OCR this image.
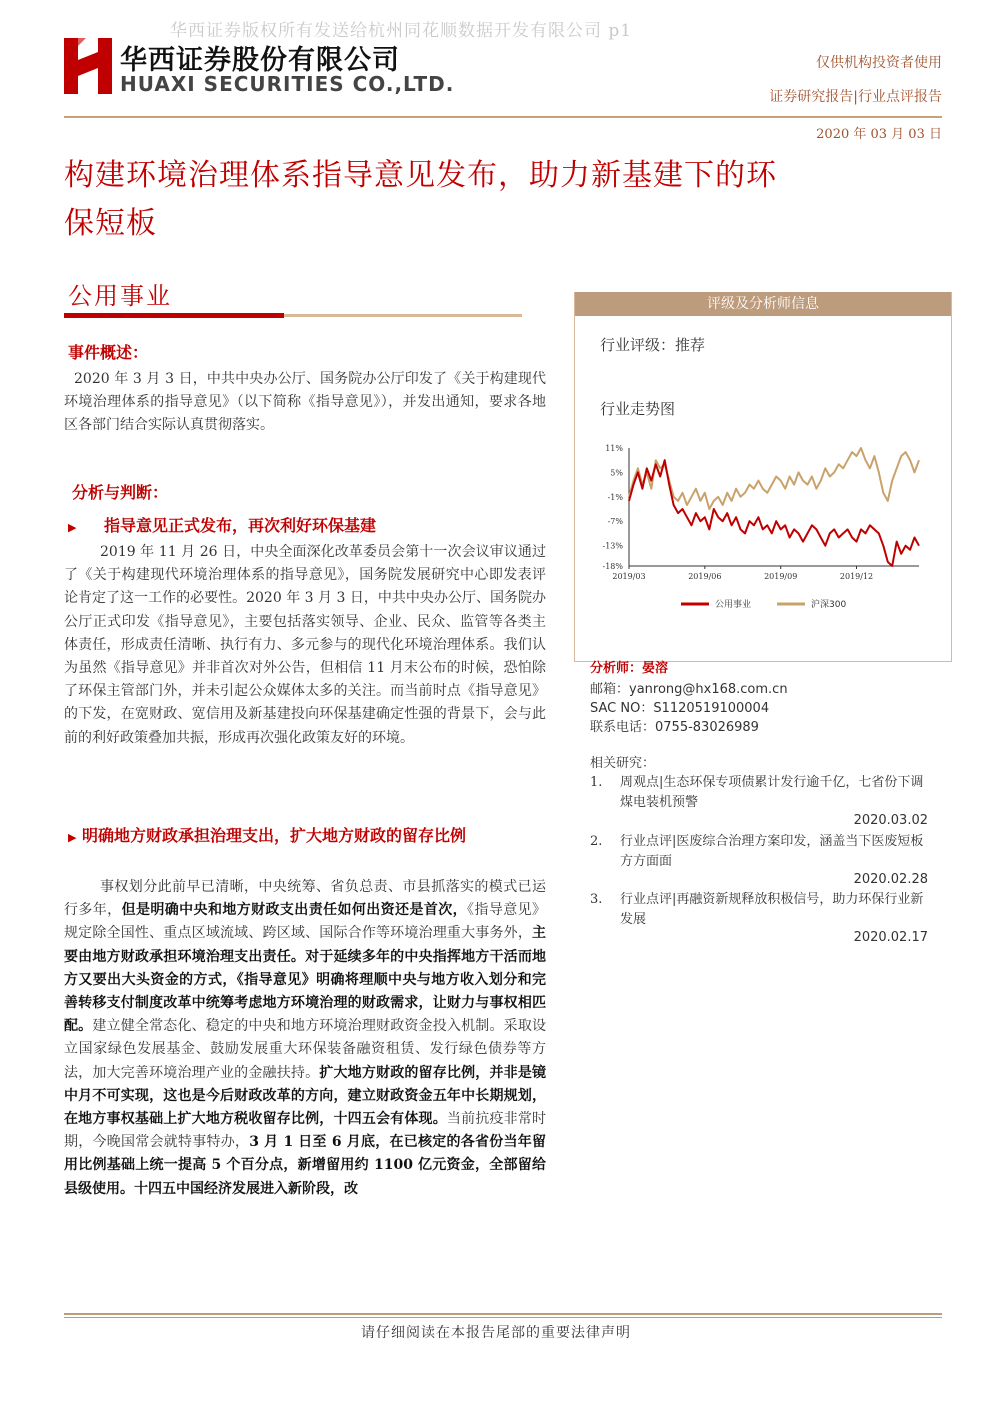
华西证券版权所有发送给杭州同花顺数据开发有限公司 p1
华西证券股份有限公司
HUAXI SECURITIES CO.,LTD.
仅供机构投资者使用
证券研究报告|行业点评报告
2020 年 03 月 03 日
构建环境治理体系指导意见发布，助力新基建下的环
保短板
公用事业
事件概述：
2020 年 3 月 3 日，中共中央办公厅、国务院办公厅印发了《关于构建现代环境治理体系的指导意见》（以下简称《指导意见》），并发出通知，要求各地区各部门结合实际认真贯彻落实。
分析与判断：
▶ 指导意见正式发布，再次利好环保基建
2019 年 11 月 26 日，中央全面深化改革委员会第十一次会议审议通过了《关于构建现代环境治理体系的指导意见》，国务院发展研究中心即发表评论肯定了这一工作的必要性。2020 年 3 月 3 日，中共中央办公厅、国务院办公厅正式印发《指导意见》，主要包括落实领导、企业、民众、监管等各类主体责任，形成责任清晰、执行有力、多元参与的现代化环境治理体系。我们认为虽然《指导意见》并非首次对外公告，但相信 11 月末公布的时候，恐怕除了环保主管部门外，并未引起公众媒体太多的关注。而当前时点《指导意见》的下发，在宽财政、宽信用及新基建投向环保基建确定性强的背景下，会与此前的利好政策叠加共振，形成再次强化政策友好的环境。
▶ 明确地方财政承担治理支出，扩大地方财政的留存比例
事权划分此前早已清晰，中央统筹、省负总责、市县抓落实的模式已运行多年，但是明确中央和地方财政支出责任如何出资还是首次，《指导意见》规定除全国性、重点区域流域、跨区域、国际合作等环境治理重大事务外，主要由地方财政承担环境治理支出责任。对于延续多年的中央指挥地方干活而地方又要出大头资金的方式，《指导意见》明确将理顺中央与地方收入划分和完善转移支付制度改革中统筹考虑地方环境治理的财政需求，让财力与事权相匹配。建立健全常态化、稳定的中央和地方环境治理财政资金投入机制。采取设立国家绿色发展基金、鼓励发展重大环保装备融资租赁、发行绿色债券等方法，加大完善环境治理产业的金融扶持。扩大地方财政的留存比例，并非是镜中月不可实现，这也是今后财政改革的方向，建立财政资金五年中长期规划，在地方事权基础上扩大地方税收留存比例，十四五会有体现。当前抗疫非常时期，今晚国常会就特事特办，3 月 1 日至 6 月底，在已核定的各省份当年留用比例基础上统一提高 5 个百分点，新增留用约 1100 亿元资金，全部留给县级使用。十四五中国经济发展进入新阶段，改
评级及分析师信息
行业评级：推荐
行业走势图
11%
5%
-1%
-7%
-13%
-18%
2019/03	2019/06	2019/09	2019/12
公用事业	沪深300
分析师：晏溶
邮箱：yanrong@hx168.com.cn
SAC NO：S1120519100004
联系电话：0755-83026989
相关研究：
1. 周观点|生态环保专项债累计发行逾千亿，七省份下调煤电装机预警
2020.03.02
2. 行业点评|医废综合治理方案印发，涵盖当下医废短板方方面面
2020.02.28
3. 行业点评|再融资新规释放积极信号，助力环保行业新发展
2020.02.17
请仔细阅读在本报告尾部的重要法律声明
